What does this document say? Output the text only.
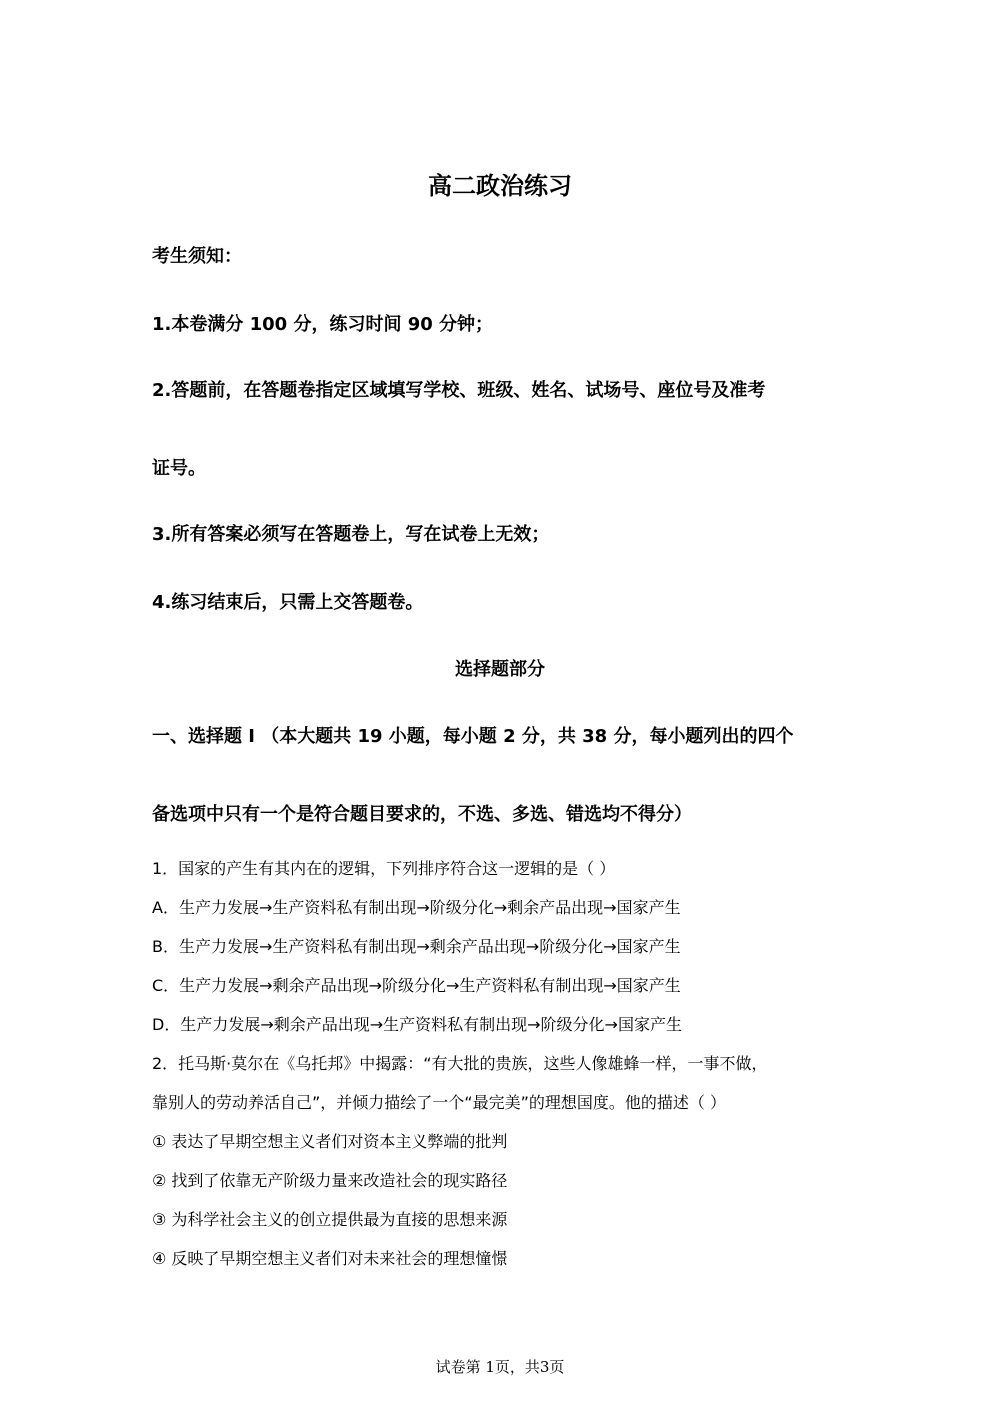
高二政治练习
考生须知：
1.本卷满分 100 分，练习时间 90 分钟；
2.答题前，在答题卷指定区域填写学校、班级、姓名、试场号、座位号及准考
证号。
3.所有答案必须写在答题卷上，写在试卷上无效；
4.练习结束后，只需上交答题卷。
选择题部分
一、选择题 I （本大题共 19 小题，每小题 2 分，共 38 分，每小题列出的四个
备选项中只有一个是符合题目要求的，不选、多选、错选均不得分）
1．国家的产生有其内在的逻辑，下列排序符合这一逻辑的是（ ）
A．生产力发展→生产资料私有制出现→阶级分化→剩余产品出现→国家产生
B．生产力发展→生产资料私有制出现→剩余产品出现→阶级分化→国家产生
C．生产力发展→剩余产品出现→阶级分化→生产资料私有制出现→国家产生
D．生产力发展→剩余产品出现→生产资料私有制出现→阶级分化→国家产生
2．托马斯·莫尔在《乌托邦》中揭露：“有大批的贵族，这些人像雄蜂一样，一事不做，
靠别人的劳动养活自己”，并倾力描绘了一个“最完美”的理想国度。他的描述（ ）
① 表达了早期空想主义者们对资本主义弊端的批判
② 找到了依靠无产阶级力量来改造社会的现实路径
③ 为科学社会主义的创立提供最为直接的思想来源
④ 反映了早期空想主义者们对未来社会的理想憧憬
试卷第 1页，共3页
